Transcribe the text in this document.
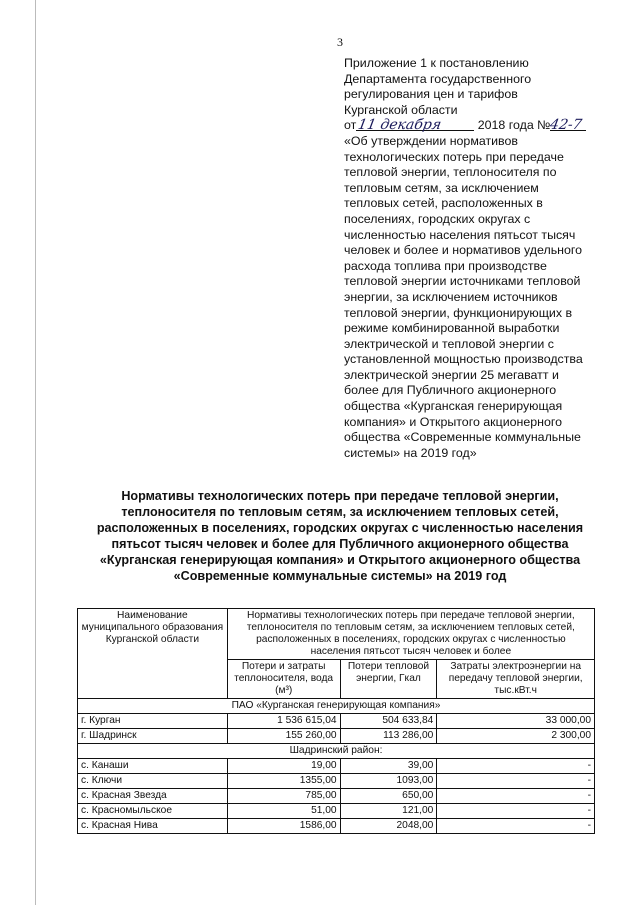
3
Приложение 1 к постановлению
Департамента государственного
регулирования цен и тарифов
Курганской области
от11 декабря	2018 года №42-7
«Об утверждении нормативов
технологических потерь при передаче
тепловой энергии, теплоносителя по
тепловым сетям, за исключением
тепловых сетей, расположенных в
поселениях, городских округах с
численностью населения пятьсот тысяч
человек и более и нормативов удельного
расхода топлива при производстве
тепловой энергии источниками тепловой
энергии, за исключением источников
тепловой энергии, функционирующих в
режиме комбинированной выработки
электрической и тепловой энергии с
установленной мощностью производства
электрической энергии 25 мегаватт и
более для Публичного акционерного
общества «Курганская генерирующая
компания» и Открытого акционерного
общества «Современные коммунальные
системы» на 2019 год»
Нормативы технологических потерь при передаче тепловой энергии,
теплоносителя по тепловым сетям, за исключением тепловых сетей,
расположенных в поселениях, городских округах с численностью населения
пятьсот тысяч человек и более для Публичного акционерного общества
«Курганская генерирующая компания» и Открытого акционерного общества
«Современные коммунальные системы» на 2019 год
Наименование муниципального образования Курганской области	Нормативы технологических потерь при передаче тепловой энергии, теплоносителя по тепловым сетям, за исключением тепловых сетей, расположенных в поселениях, городских округах с численностью населения пятьсот тысяч человек и более		
	Потери и затраты теплоносителя, вода (м³)	Потери тепловой энергии, Гкал	Затраты электроэнергии на передачу тепловой энергии, тыс.кВт.ч
ПАО «Курганская генерирующая компания»			
г. Курган	1 536 615,04	504 633,84	33 000,00
г. Шадринск	155 260,00	113 286,00	2 300,00
Шадринский район:			
с. Канаши	19,00	39,00	-
с. Ключи	1355,00	1093,00	-
с. Красная Звезда	785,00	650,00	-
с. Красномыльское	51,00	121,00	-
с. Красная Нива	1586,00	2048,00	-
